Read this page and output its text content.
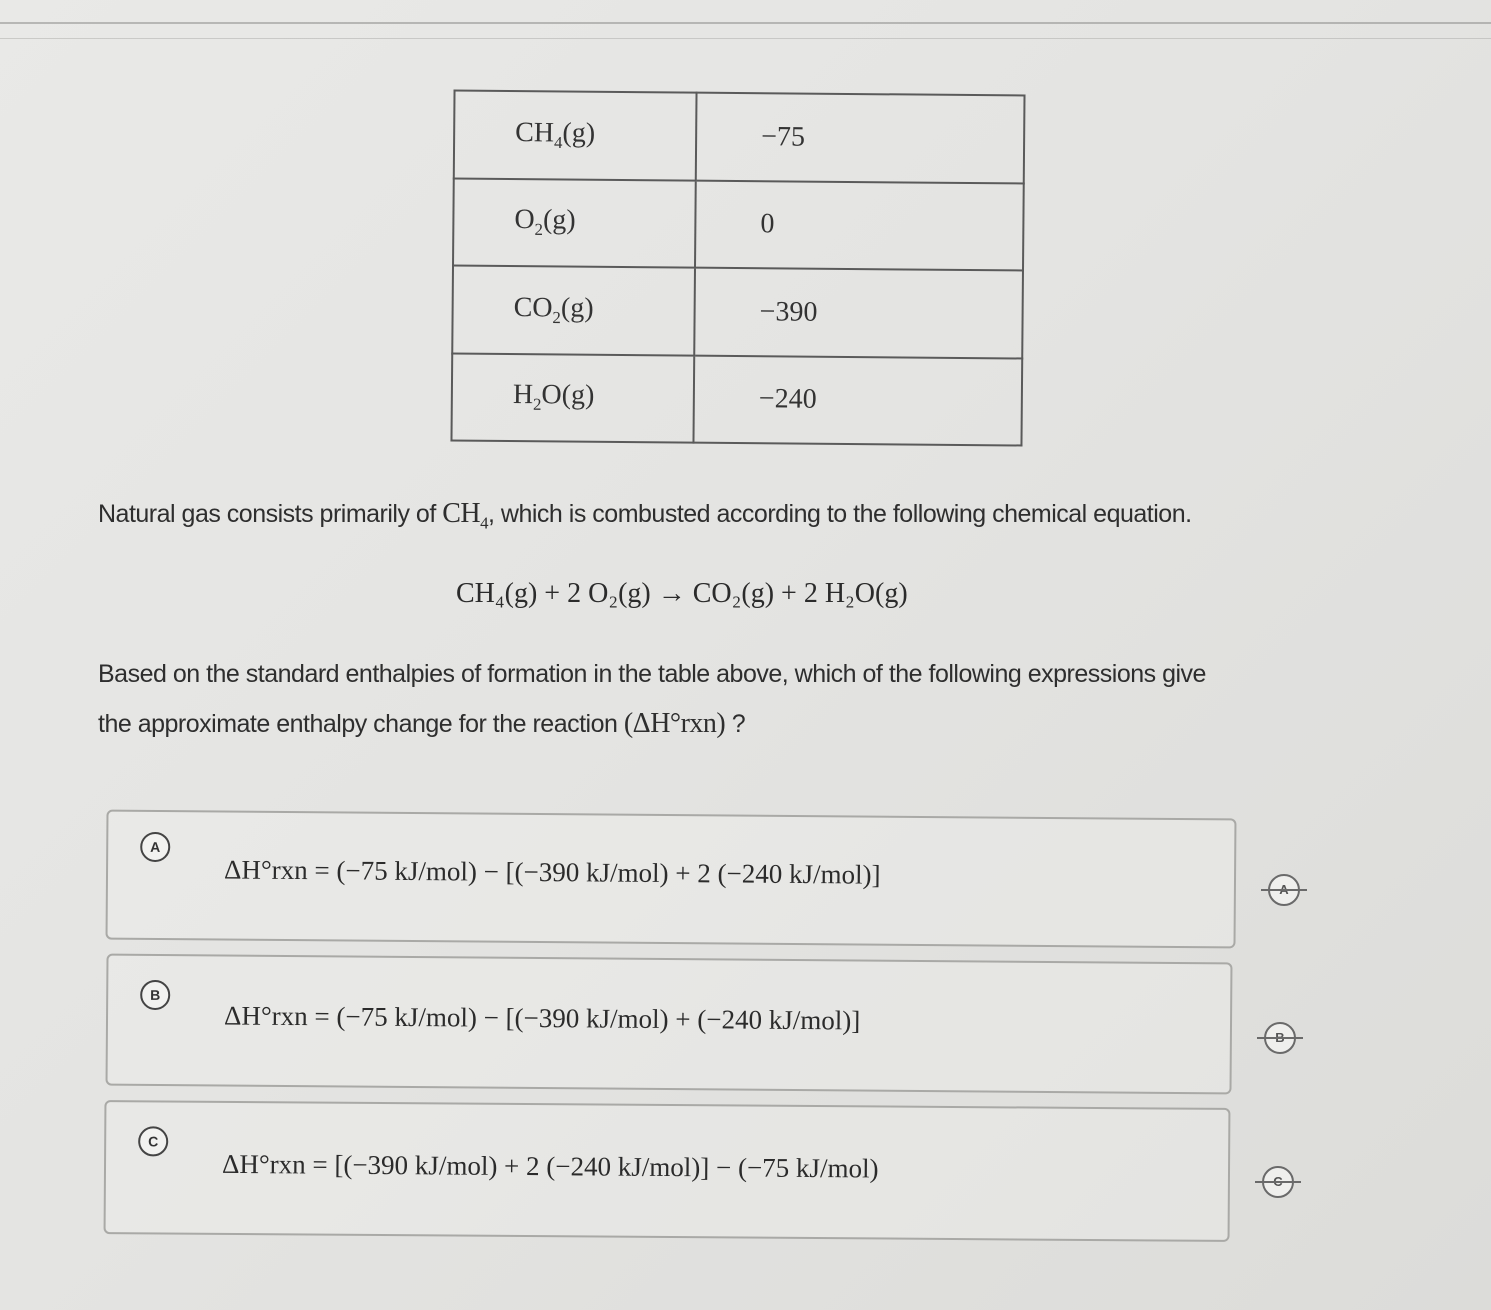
$CH_4(g)$	−75
$O_2(g)$	0
$CO_2(g)$	−390
$H_2O(g)$	−240
Natural gas consists primarily of $CH_4$, which is combusted according to the following chemical equation.
CH₄(g) + 2 O₂(g) → CO₂(g) + 2 H₂O(g)
Based on the standard enthalpies of formation in the table above, which of the following expressions give
the approximate enthalpy change for the reaction (ΔH°rxn) ?
A
ΔH°rxn = (−75 kJ/mol) − [(−390 kJ/mol) + 2 (−240 kJ/mol)]	A
B
ΔH°rxn = (−75 kJ/mol) − [(−390 kJ/mol) + (−240 kJ/mol)]
B
C
ΔH°rxn = [(−390 kJ/mol) + 2 (−240 kJ/mol)] − (−75 kJ/mol)	C
